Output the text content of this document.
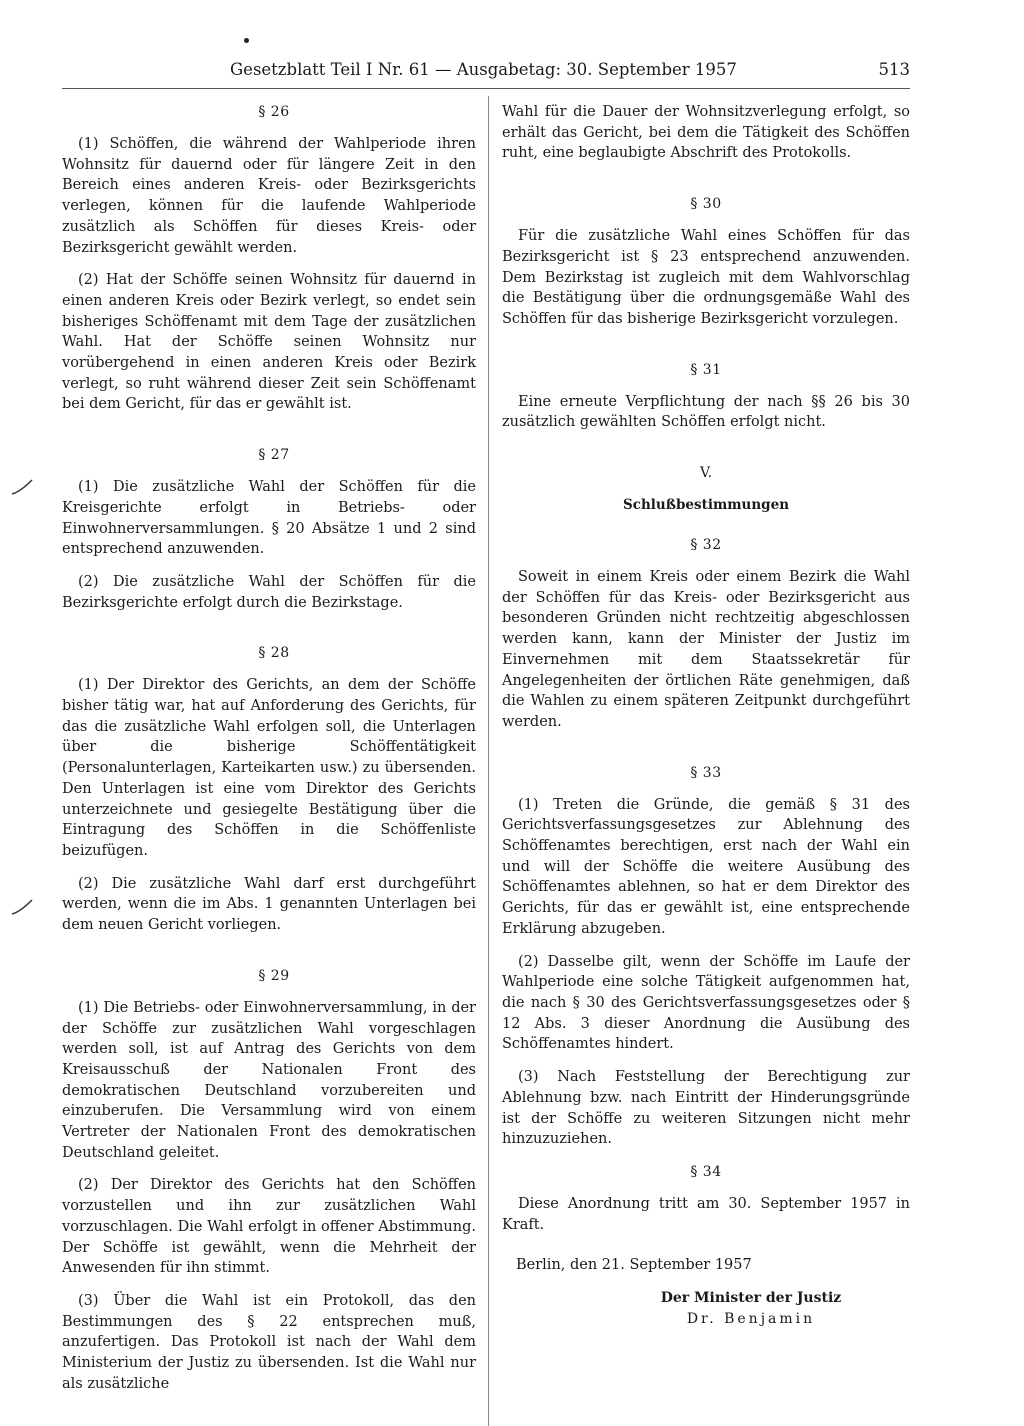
Gesetzblatt Teil I Nr. 61 — Ausgabetag: 30. September 1957	513
§ 26

(1) Schöffen, die während der Wahlperiode ihren Wohnsitz für dauernd oder für längere Zeit in den Bereich eines anderen Kreis- oder Bezirksgerichts verlegen, können für die laufende Wahlperiode zusätzlich als Schöffen für dieses Kreis- oder Bezirksgericht gewählt werden.

(2) Hat der Schöffe seinen Wohnsitz für dauernd in einen anderen Kreis oder Bezirk verlegt, so endet sein bisheriges Schöffenamt mit dem Tage der zusätzlichen Wahl. Hat der Schöffe seinen Wohnsitz nur vorübergehend in einen anderen Kreis oder Bezirk verlegt, so ruht während dieser Zeit sein Schöffenamt bei dem Gericht, für das er gewählt ist.

§ 27

(1) Die zusätzliche Wahl der Schöffen für die Kreisgerichte erfolgt in Betriebs- oder Einwohnerversammlungen. § 20 Absätze 1 und 2 sind entsprechend anzuwenden.

(2) Die zusätzliche Wahl der Schöffen für die Bezirksgerichte erfolgt durch die Bezirkstage.

§ 28

(1) Der Direktor des Gerichts, an dem der Schöffe bisher tätig war, hat auf Anforderung des Gerichts, für das die zusätzliche Wahl erfolgen soll, die Unterlagen über die bisherige Schöffentätigkeit (Personalunterlagen, Karteikarten usw.) zu übersenden. Den Unterlagen ist eine vom Direktor des Gerichts unterzeichnete und gesiegelte Bestätigung über die Eintragung des Schöffen in die Schöffenliste beizufügen.

(2) Die zusätzliche Wahl darf erst durchgeführt werden, wenn die im Abs. 1 genannten Unterlagen bei dem neuen Gericht vorliegen.

§ 29

(1) Die Betriebs- oder Einwohnerversammlung, in der der Schöffe zur zusätzlichen Wahl vorgeschlagen werden soll, ist auf Antrag des Gerichts von dem Kreisausschuß der Nationalen Front des demokratischen Deutschland vorzubereiten und einzuberufen. Die Versammlung wird von einem Vertreter der Nationalen Front des demokratischen Deutschland geleitet.

(2) Der Direktor des Gerichts hat den Schöffen vorzustellen und ihn zur zusätzlichen Wahl vorzuschlagen. Die Wahl erfolgt in offener Abstimmung. Der Schöffe ist gewählt, wenn die Mehrheit der Anwesenden für ihn stimmt.

(3) Über die Wahl ist ein Protokoll, das den Bestimmungen des § 22 entsprechen muß, anzufertigen. Das Protokoll ist nach der Wahl dem Ministerium der Justiz zu übersenden. Ist die Wahl nur als zusätzliche

Wahl für die Dauer der Wohnsitzverlegung erfolgt, so erhält das Gericht, bei dem die Tätigkeit des Schöffen ruht, eine beglaubigte Abschrift des Protokolls.

§ 30

Für die zusätzliche Wahl eines Schöffen für das Bezirksgericht ist § 23 entsprechend anzuwenden. Dem Bezirkstag ist zugleich mit dem Wahlvorschlag die Bestätigung über die ordnungsgemäße Wahl des Schöffen für das bisherige Bezirksgericht vorzulegen.

§ 31

Eine erneute Verpflichtung der nach §§ 26 bis 30 zusätzlich gewählten Schöffen erfolgt nicht.

V.
Schlußbestimmungen
§ 32

Soweit in einem Kreis oder einem Bezirk die Wahl der Schöffen für das Kreis- oder Bezirksgericht aus besonderen Gründen nicht rechtzeitig abgeschlossen werden kann, kann der Minister der Justiz im Einvernehmen mit dem Staatssekretär für Angelegenheiten der örtlichen Räte genehmigen, daß die Wahlen zu einem späteren Zeitpunkt durchgeführt werden.

§ 33

(1) Treten die Gründe, die gemäß § 31 des Gerichtsverfassungsgesetzes zur Ablehnung des Schöffenamtes berechtigen, erst nach der Wahl ein und will der Schöffe die weitere Ausübung des Schöffenamtes ablehnen, so hat er dem Direktor des Gerichts, für das er gewählt ist, eine entsprechende Erklärung abzugeben.

(2) Dasselbe gilt, wenn der Schöffe im Laufe der Wahlperiode eine solche Tätigkeit aufgenommen hat, die nach § 30 des Gerichtsverfassungsgesetzes oder § 12 Abs. 3 dieser Anordnung die Ausübung des Schöffenamtes hindert.

(3) Nach Feststellung der Berechtigung zur Ablehnung bzw. nach Eintritt der Hinderungsgründe ist der Schöffe zu weiteren Sitzungen nicht mehr hinzuzuziehen.

§ 34

Diese Anordnung tritt am 30. September 1957 in Kraft.

Berlin, den 21. September 1957
Der Minister der Justiz
Dr. Benjamin
